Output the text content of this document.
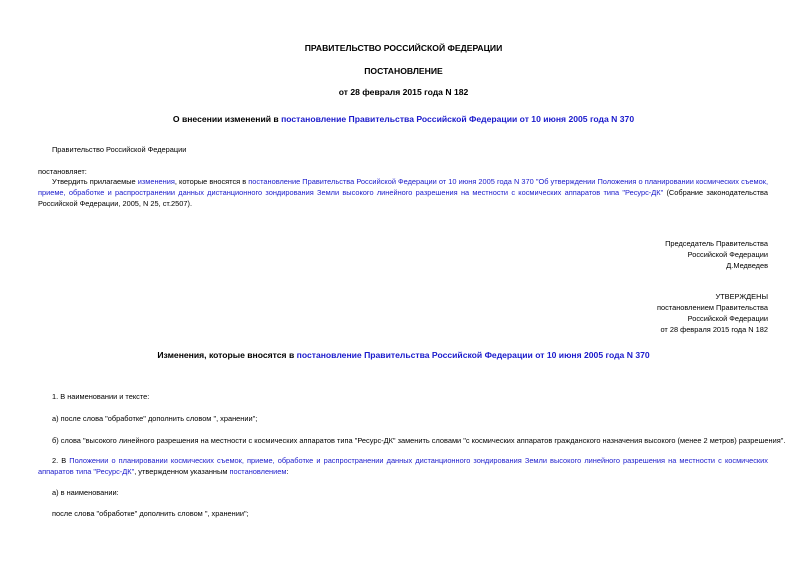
ПРАВИТЕЛЬСТВО РОССИЙСКОЙ ФЕДЕРАЦИИ
ПОСТАНОВЛЕНИЕ
от 28 февраля 2015 года N 182
О внесении изменений в постановление Правительства Российской Федерации от 10 июня 2005 года N 370
Правительство Российской Федерации
постановляет:
Утвердить прилагаемые изменения, которые вносятся в постановление Правительства Российской Федерации от 10 июня 2005 года N 370 "Об утверждении Положения о планировании космических съемок, приеме, обработке и распространении данных дистанционного зондирования Земли высокого линейного разрешения на местности с космических аппаратов типа "Ресурс-ДК" (Собрание законодательства Российской Федерации, 2005, N 25, ст.2507).
Председатель Правительства
Российской Федерации
Д.Медведев
УТВЕРЖДЕНЫ
постановлением Правительства
Российской Федерации
от 28 февраля 2015 года N 182
Изменения, которые вносятся в постановление Правительства Российской Федерации от 10 июня 2005 года N 370
1. В наименовании и тексте:
а) после слова "обработке" дополнить словом ", хранении";
б) слова "высокого линейного разрешения на местности с космических аппаратов типа "Ресурс-ДК" заменить словами "с космических аппаратов гражданского назначения высокого (менее 2 метров) разрешения".
2. В Положении о планировании космических съемок, приеме, обработке и распространении данных дистанционного зондирования Земли высокого линейного разрешения на местности с космических аппаратов типа "Ресурс-ДК", утвержденном указанным постановлением:
а) в наименовании:
после слова "обработке" дополнить словом ", хранении";
